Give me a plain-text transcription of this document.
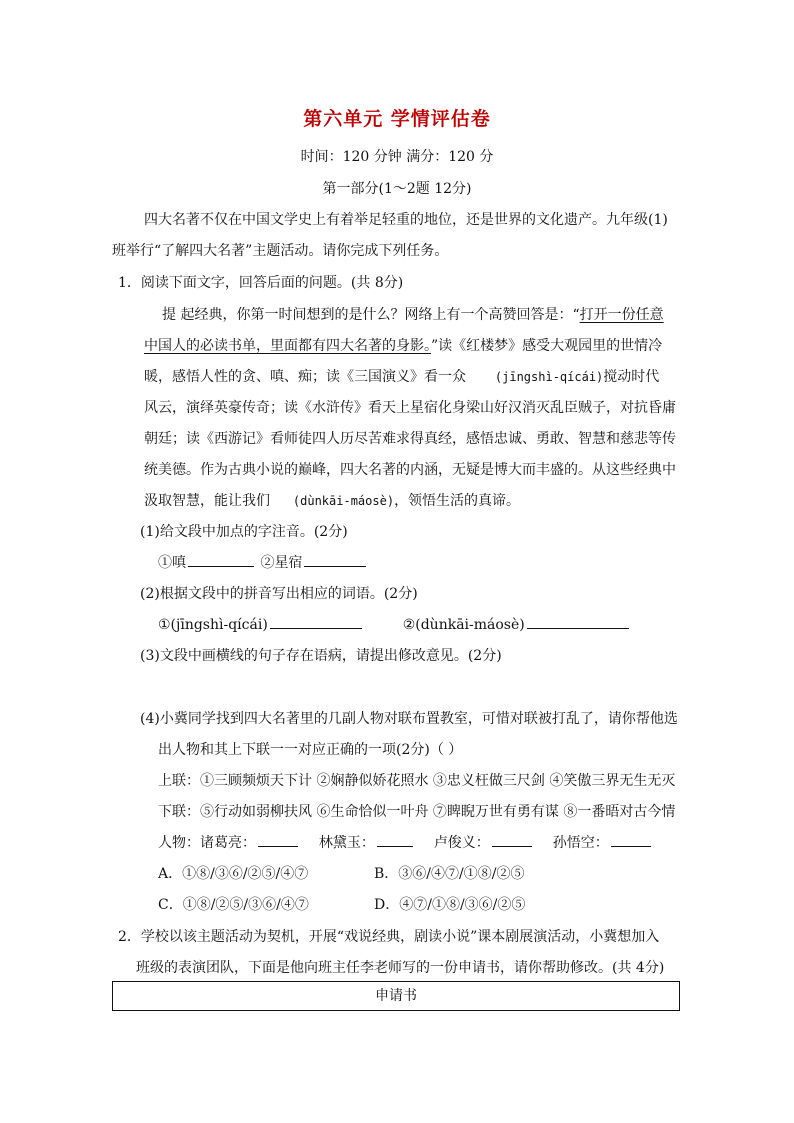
第六单元 学情评估卷
时间：120 分钟 满分：120 分
第一部分(1～2题 12分)
四大名著不仅在中国文学史上有着举足轻重的地位，还是世界的文化遗产。九年级(1)
班举行“了解四大名著”主题活动。请你完成下列任务。
1．阅读下面文字，回答后面的问题。(共 8分)
提 起经典，你第一时间想到的是什么？网络上有一个高赞回答是：“打开一份任意
中国人的必读书单，里面都有四大名著的身影。”读《红楼梦》感受大观园里的世情冷
暖，感悟人性的贪、嗔、痴；读《三国演义》看一众 (jīngshì-qícái)搅动时代
风云，演绎英豪传奇；读《水浒传》看天上星宿化身梁山好汉消灭乱臣贼子，对抗昏庸
朝廷；读《西游记》看师徒四人历尽苦难求得真经，感悟忠诚、勇敢、智慧和慈悲等传
统美德。作为古典小说的巅峰，四大名著的内涵，无疑是博大而丰盛的。从这些经典中
汲取智慧，能让我们 (dùnkāi-máosè)，领悟生活的真谛。
(1)给文段中加点的字注音。(2分)
①嗔	②星宿
(2)根据文段中的拼音写出相应的词语。(2分)
①(jīngshì-qícái)	②(dùnkāi-máosè)
(3)文段中画横线的句子存在语病，请提出修改意见。(2分)
(4)小冀同学找到四大名著里的几副人物对联布置教室，可惜对联被打乱了，请你帮他选
出人物和其上下联一一对应正确的一项(2分)（ ）
上联：①三顾频烦天下计 ②娴静似娇花照水 ③忠义枉做三尺剑 ④笑傲三界无生无灭
下联：⑤行动如弱柳扶风 ⑥生命恰似一叶舟 ⑦睥睨万世有勇有谋 ⑧一番晤对古今情
人物：诸葛亮：	林黛玉：	卢俊义：	孙悟空：
A．①⑧/③⑥/②⑤/④⑦	B．③⑥/④⑦/①⑧/②⑤
C．①⑧/②⑤/③⑥/④⑦	D．④⑦/①⑧/③⑥/②⑤
2．学校以该主题活动为契机，开展“戏说经典，剧读小说”课本剧展演活动，小冀想加入
班级的表演团队，下面是他向班主任李老师写的一份申请书，请你帮助修改。(共 4分)
申请书
